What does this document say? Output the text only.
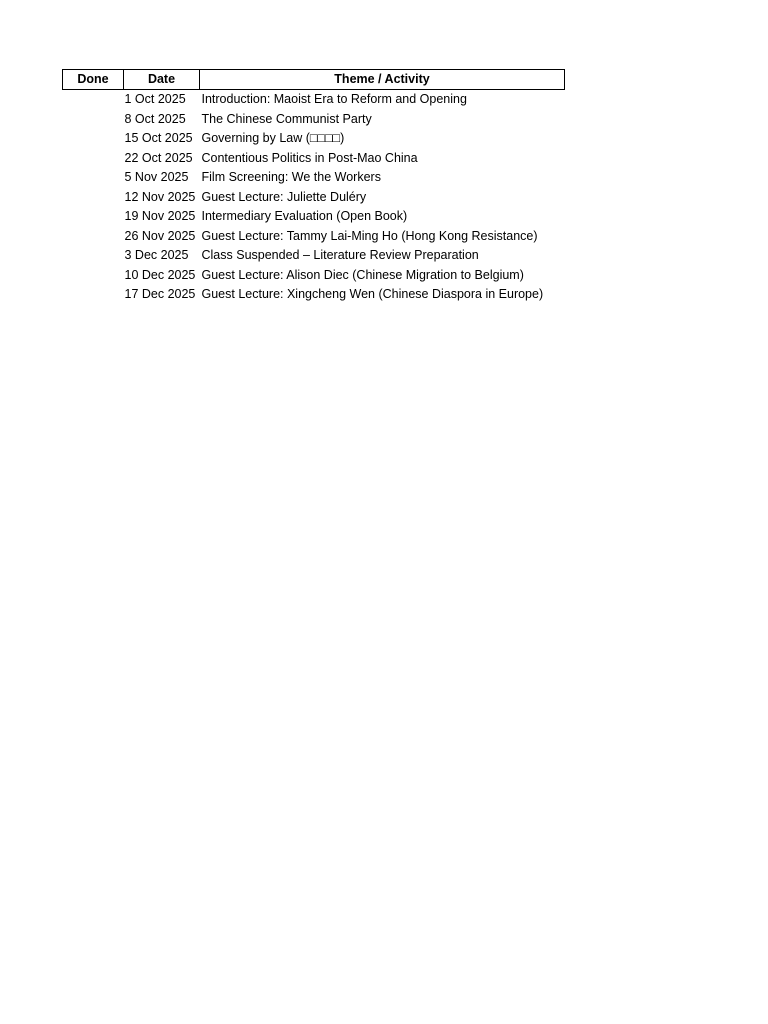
Done	Date	Theme / Activity
	1 Oct 2025	Introduction: Maoist Era to Reform and Opening
	8 Oct 2025	The Chinese Communist Party
	15 Oct 2025	Governing by Law (□□□□)
	22 Oct 2025	Contentious Politics in Post-Mao China
	5 Nov 2025	Film Screening: We the Workers
	12 Nov 2025	Guest Lecture: Juliette Duléry
	19 Nov 2025	Intermediary Evaluation (Open Book)
	26 Nov 2025	Guest Lecture: Tammy Lai-Ming Ho (Hong Kong Resistance)
	3 Dec 2025	Class Suspended – Literature Review Preparation
	10 Dec 2025	Guest Lecture: Alison Diec (Chinese Migration to Belgium)
	17 Dec 2025	Guest Lecture: Xingcheng Wen (Chinese Diaspora in Europe)
